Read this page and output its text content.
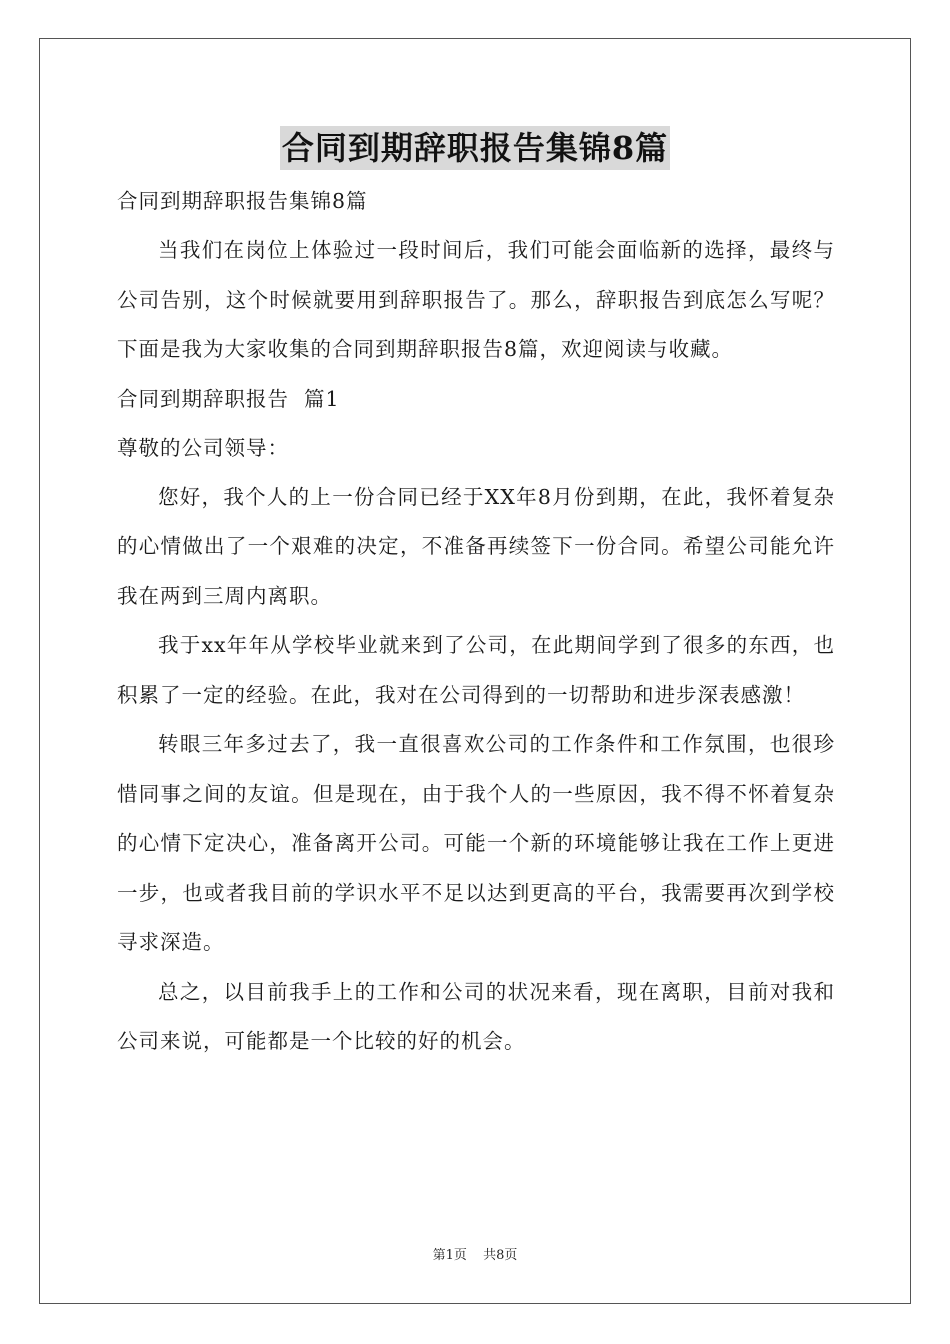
合同到期辞职报告集锦8篇

合同到期辞职报告集锦8篇

当我们在岗位上体验过一段时间后，我们可能会面临新的选择，最终与公司告别，这个时候就要用到辞职报告了。那么，辞职报告到底怎么写呢？下面是我为大家收集的合同到期辞职报告8篇，欢迎阅读与收藏。

合同到期辞职报告  篇1

尊敬的公司领导：

您好，我个人的上一份合同已经于XX年8月份到期，在此，我怀着复杂的心情做出了一个艰难的决定，不准备再续签下一份合同。希望公司能允许我在两到三周内离职。

我于xx年年从学校毕业就来到了公司，在此期间学到了很多的东西，也积累了一定的经验。在此，我对在公司得到的一切帮助和进步深表感激！

转眼三年多过去了，我一直很喜欢公司的工作条件和工作氛围，也很珍惜同事之间的友谊。但是现在，由于我个人的一些原因，我不得不怀着复杂的心情下定决心，准备离开公司。可能一个新的环境能够让我在工作上更进一步，也或者我目前的学识水平不足以达到更高的平台，我需要再次到学校寻求深造。

总之，以目前我手上的工作和公司的状况来看，现在离职，目前对我和公司来说，可能都是一个比较的好的机会。

第1页 共8页
